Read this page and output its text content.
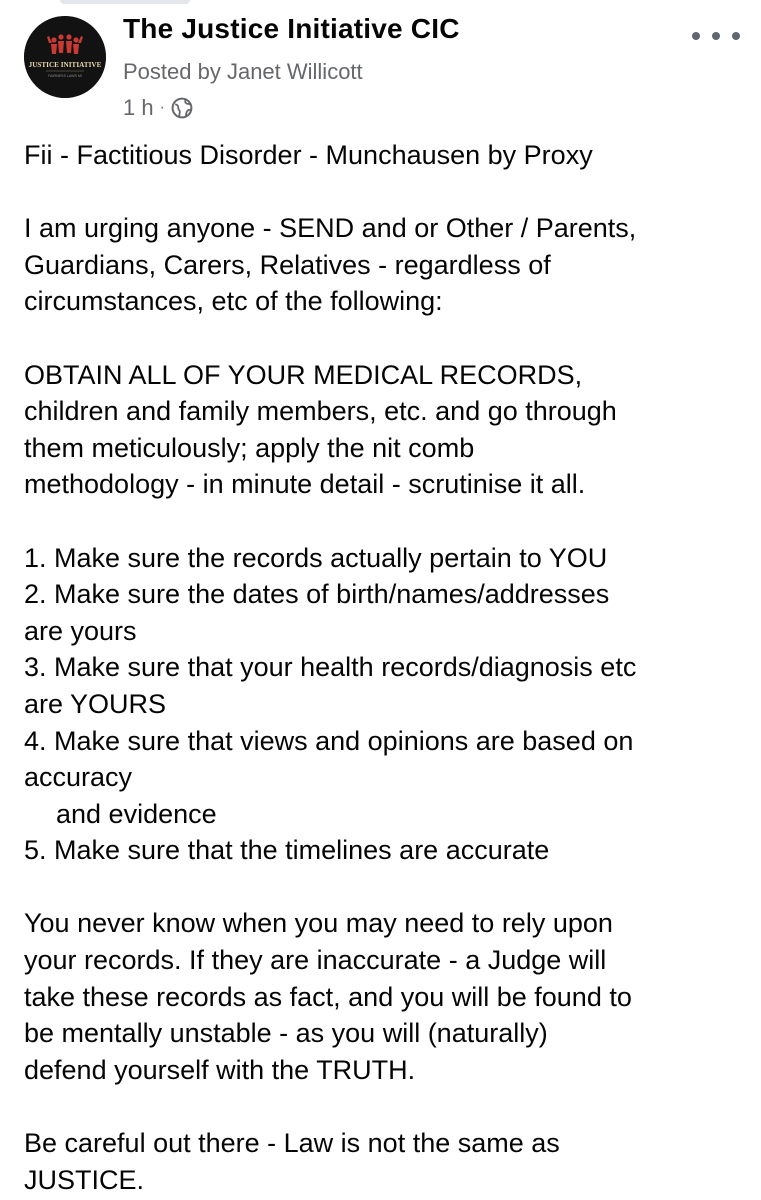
JUSTICE INITIATIVE
FAIRNESS LAWS MI
The Justice Initiative CIC
Posted by Janet Willicott
1 h ·
Fii - Factitious Disorder - Munchausen by Proxy
I am urging anyone - SEND and or Other / Parents,
Guardians, Carers, Relatives - regardless of
circumstances, etc of the following:
OBTAIN ALL OF YOUR MEDICAL RECORDS,
children and family members, etc. and go through
them meticulously; apply the nit comb
methodology - in minute detail - scrutinise it all.
1. Make sure the records actually pertain to YOU
2. Make sure the dates of birth/names/addresses
are yours
3. Make sure that your health records/diagnosis etc
are YOURS
4. Make sure that views and opinions are based on
accuracy
and evidence
5. Make sure that the timelines are accurate
You never know when you may need to rely upon
your records. If they are inaccurate - a Judge will
take these records as fact, and you will be found to
be mentally unstable - as you will (naturally)
defend yourself with the TRUTH.
Be careful out there - Law is not the same as
JUSTICE.
